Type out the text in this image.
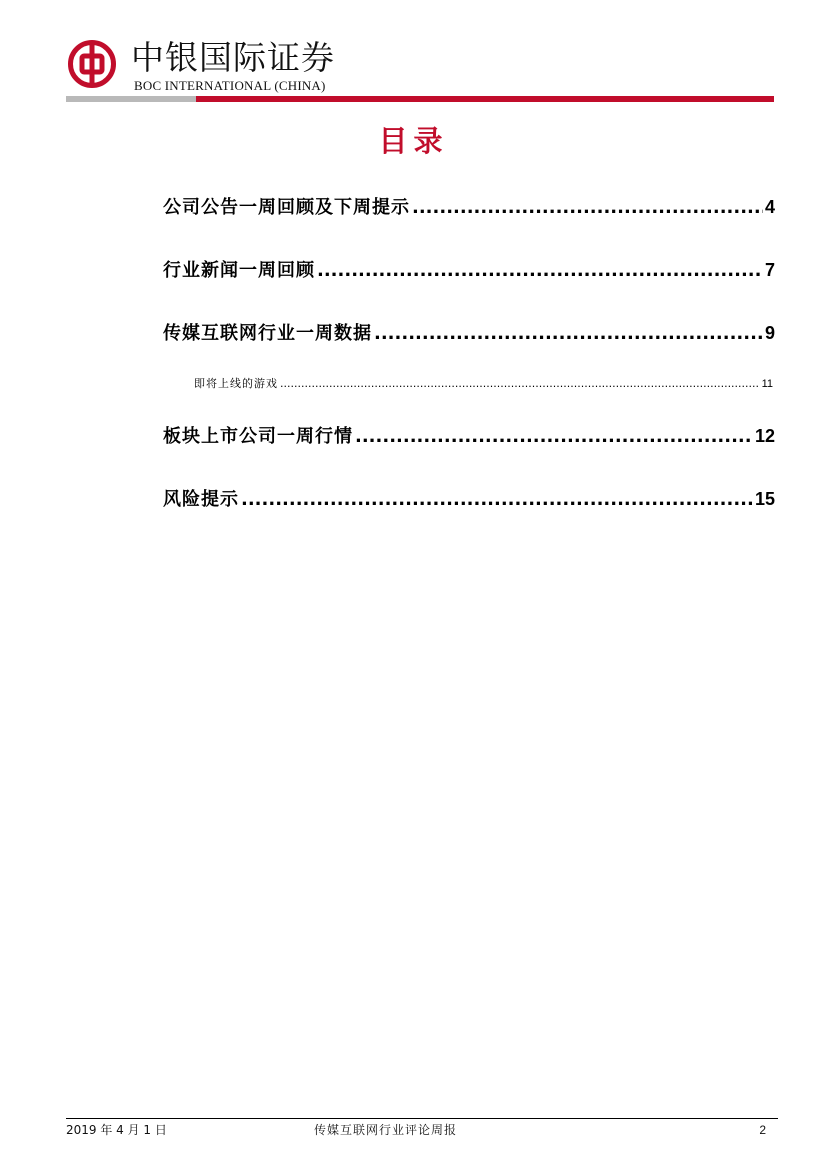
中银国际证券
BOC INTERNATIONAL (CHINA)
目录
公司公告一周回顾及下周提示 .....	4
行业新闻一周回顾 .....	7
传媒互联网行业一周数据 .....	9
即将上线的游戏 .....	11
板块上市公司一周行情 .....	12
风险提示 .....	15
2019 年 4 月 1 日	传媒互联网行业评论周报	2
